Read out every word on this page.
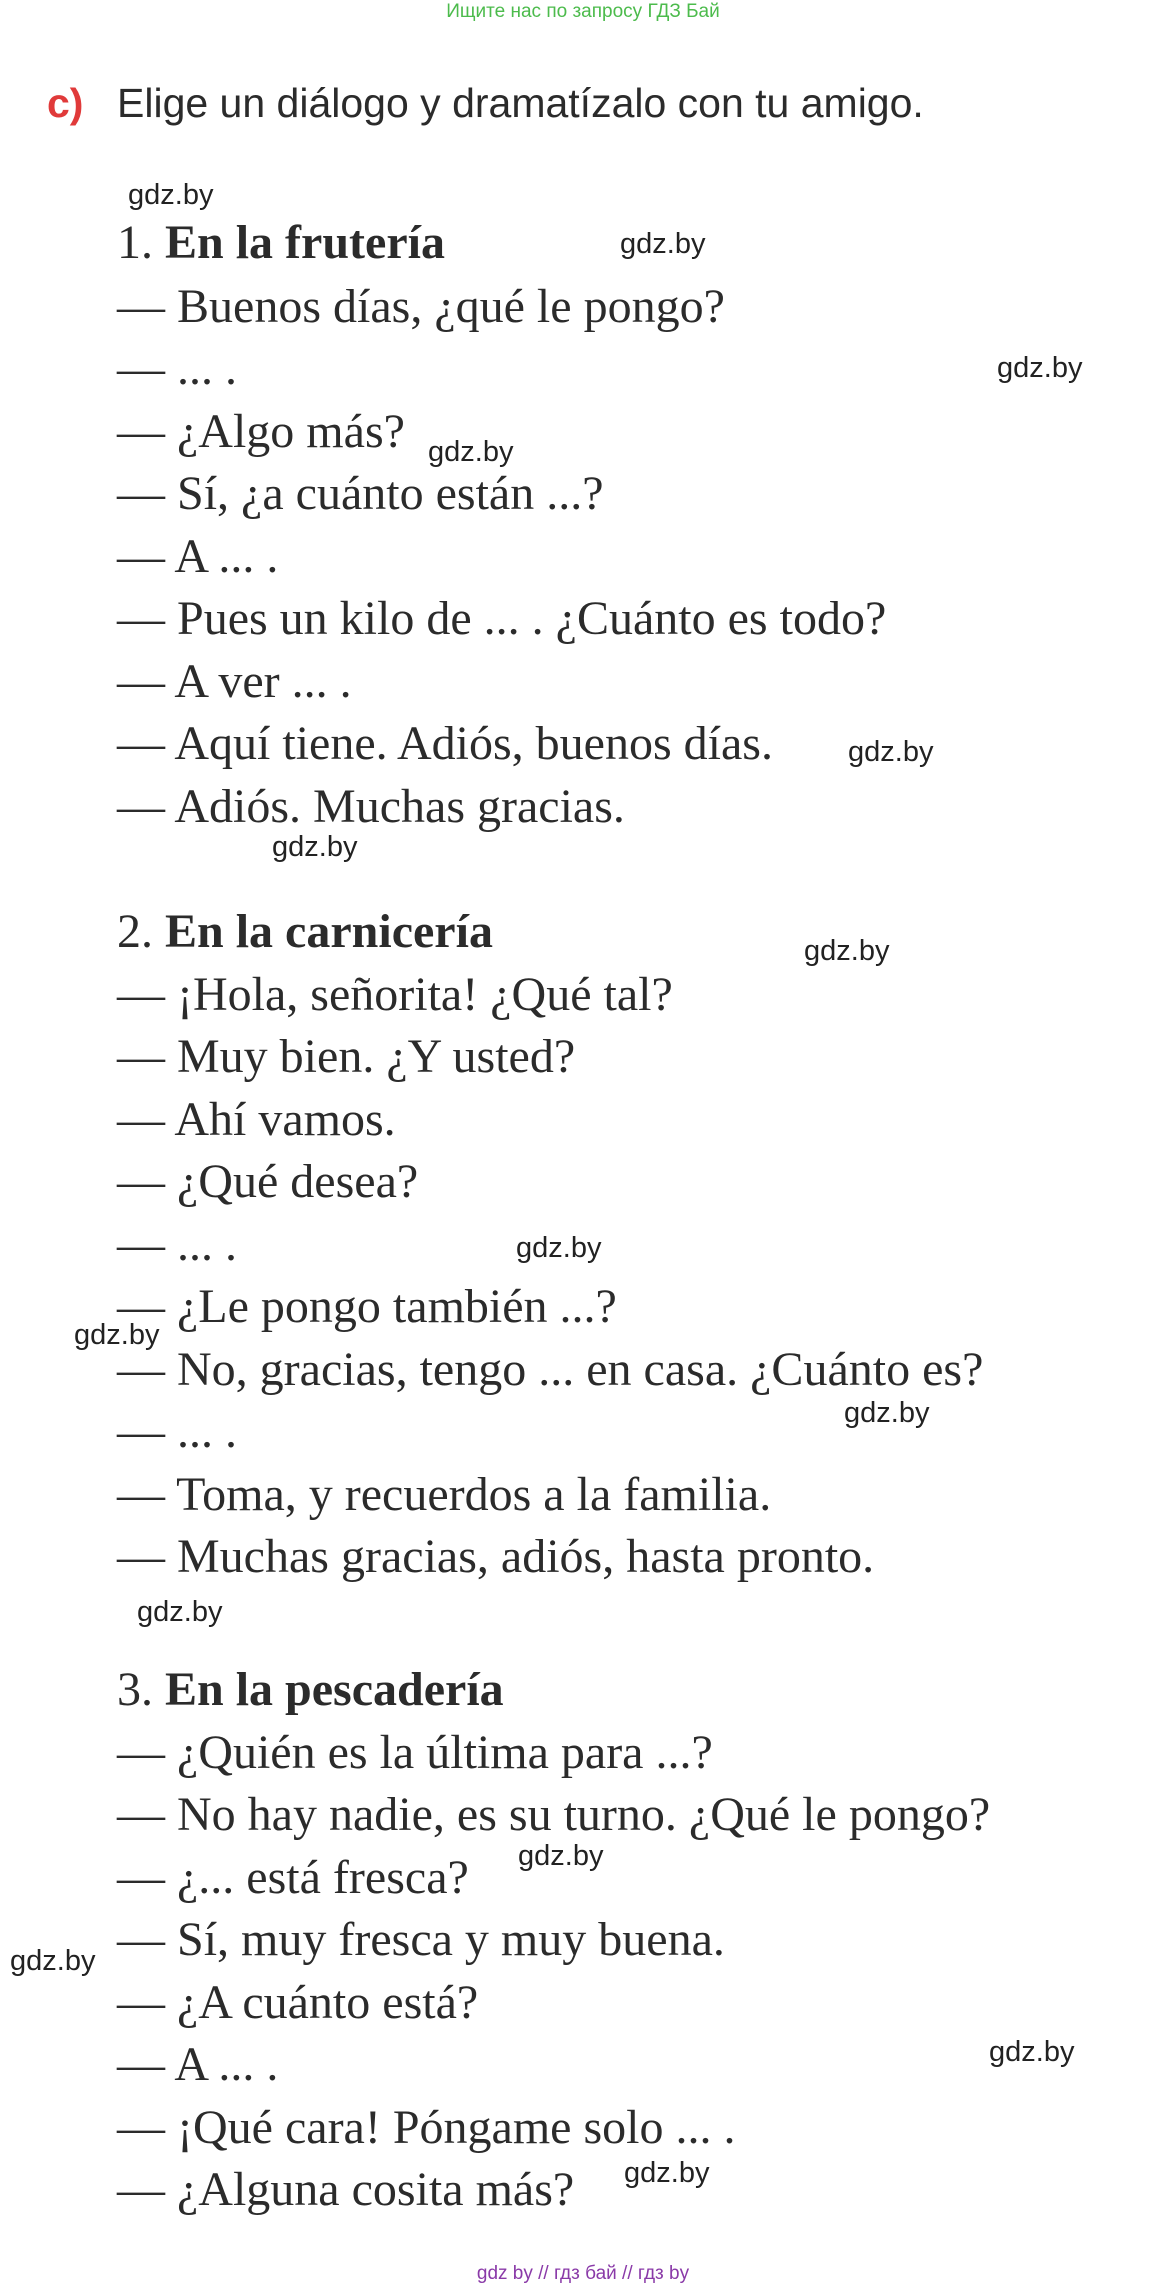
Ищите нас по запросу ГДЗ Бай
c) Elige un diálogo y dramatízalo con tu amigo.
1. En la frutería
— Buenos días, ¿qué le pongo?
— ... .
— ¿Algo más?
— Sí, ¿a cuánto están ...?
— A ... .
— Pues un kilo de ... . ¿Cuánto es todo?
— A ver ... .
— Aquí tiene. Adiós, buenos días.
— Adiós. Muchas gracias.
2. En la carnicería
— ¡Hola, señorita! ¿Qué tal?
— Muy bien. ¿Y usted?
— Ahí vamos.
— ¿Qué desea?
— ... .
— ¿Le pongo también ...?
— No, gracias, tengo ... en casa. ¿Cuánto es?
— ... .
— Toma, y recuerdos a la familia.
— Muchas gracias, adiós, hasta pronto.
3. En la pescadería
— ¿Quién es la última para ...?
— No hay nadie, es su turno. ¿Qué le pongo?
— ¿... está fresca?
— Sí, muy fresca y muy buena.
— ¿A cuánto está?
— A ... .
— ¡Qué cara! Póngame solo ... .
— ¿Alguna cosita más?
gdz.by
gdz.by
gdz.by
gdz.by
gdz.by
gdz.by
gdz.by
gdz.by
gdz.by
gdz.by
gdz.by
gdz.by
gdz.by
gdz.by
gdz.by
gdz by // гдз бай // гдз by
